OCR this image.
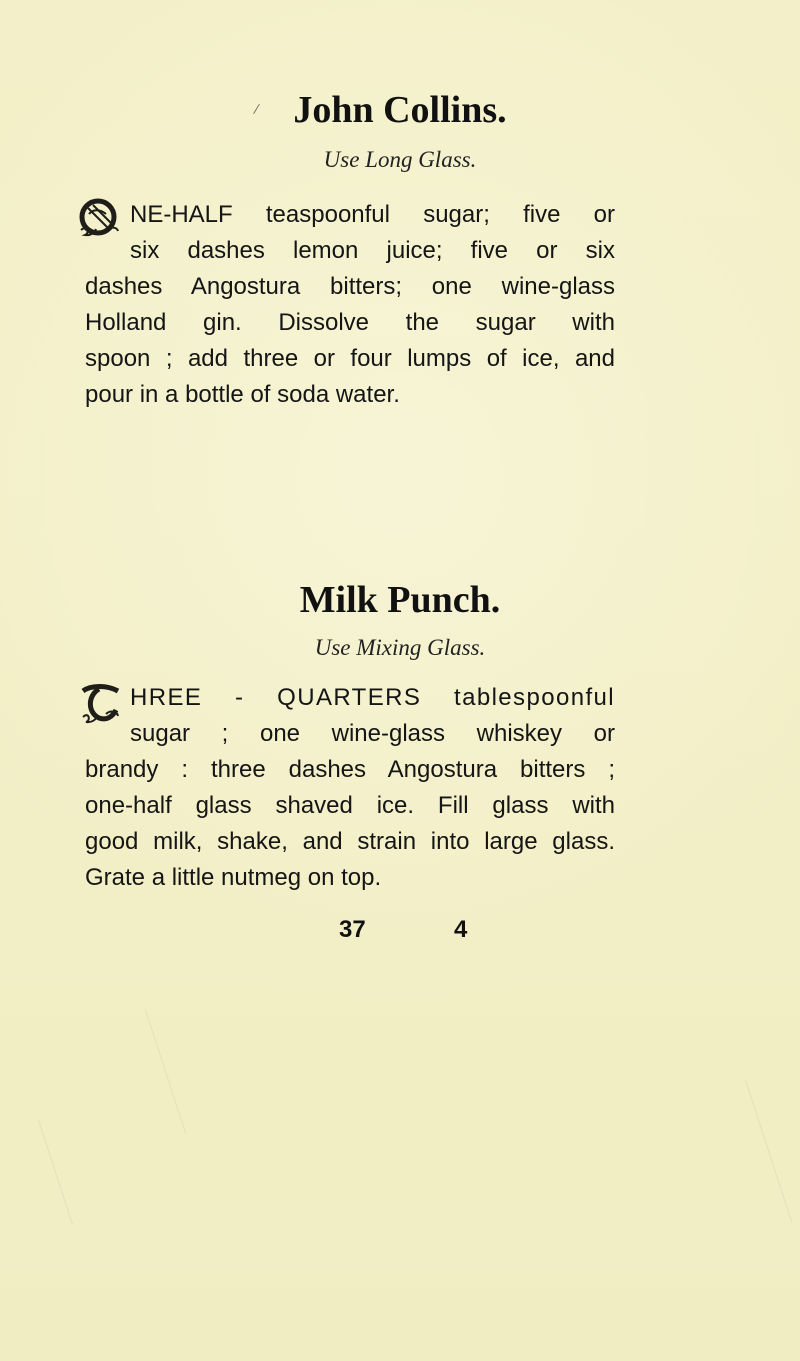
/ John Collins.
Use Long Glass.
NE-HALF teaspoonful sugar; five or
six dashes lemon juice; five or six
dashes Angostura bitters; one wine-glass
Holland gin. Dissolve the sugar with
spoon ; add three or four lumps of ice, and
pour in a bottle of soda water.
Milk Punch.
Use Mixing Glass.
HREE - QUARTERS tablespoonful
sugar ; one wine-glass whiskey or
brandy : three dashes Angostura bitters ;
one-half glass shaved ice. Fill glass with
good milk, shake, and strain into large glass.
Grate a little nutmeg on top.
37	4
